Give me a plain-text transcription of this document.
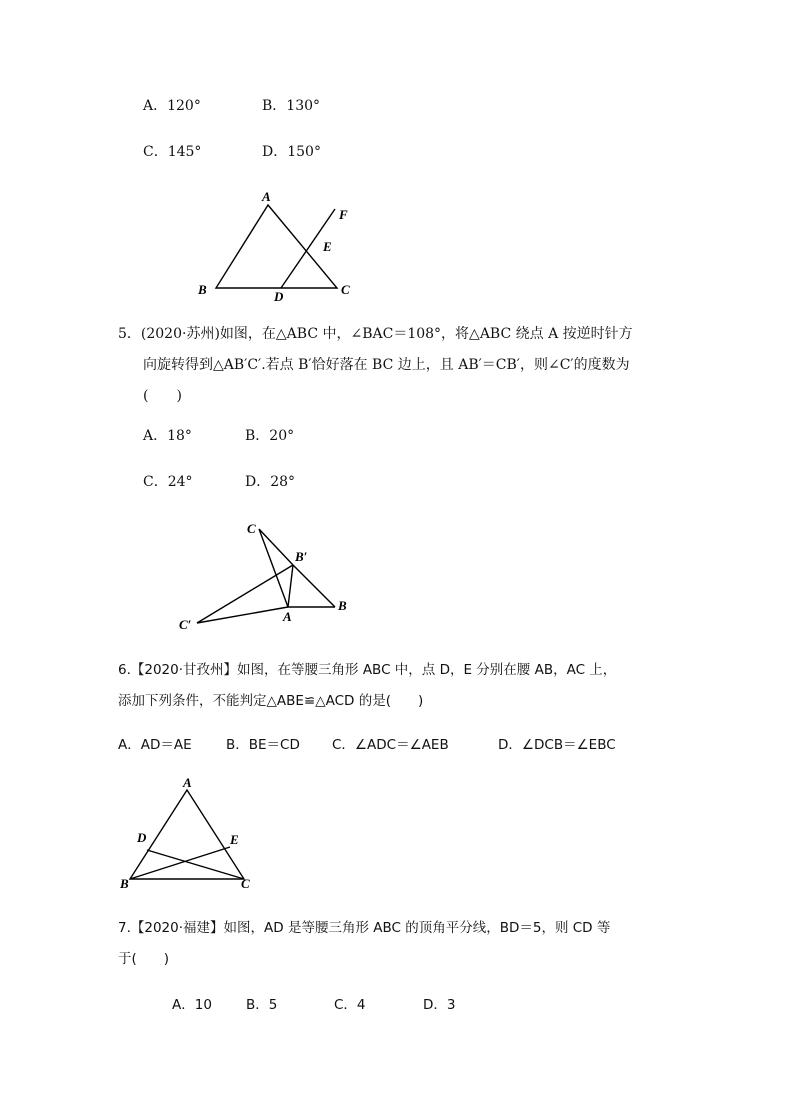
A．120°	B．130°
C．145°	D．150°
A
B	C
D
E
F
5．(2020·苏州)如图，在△ABC 中，∠BAC＝108°，将△ABC 绕点 A 按逆时针方
向旋转得到△AB′C′.若点 B′恰好落在 BC 边上，且 AB′＝CB′，则∠C′的度数为
(　　)
A．18°	B．20°
C．24°	D．28°
C
B′
B
A
C′
6.【2020·甘孜州】如图，在等腰三角形 ABC 中，点 D，E 分别在腰 AB，AC 上，
添加下列条件，不能判定△ABE≌△ACD 的是(　　)
A．AD＝AE	B．BE＝CD C．∠ADC＝∠AEB	D．∠DCB＝∠EBC
A
B	C
D	E
7.【2020·福建】如图，AD 是等腰三角形 ABC 的顶角平分线，BD＝5，则 CD 等
于(　　)
A．10	B．5	C．4	D．3
